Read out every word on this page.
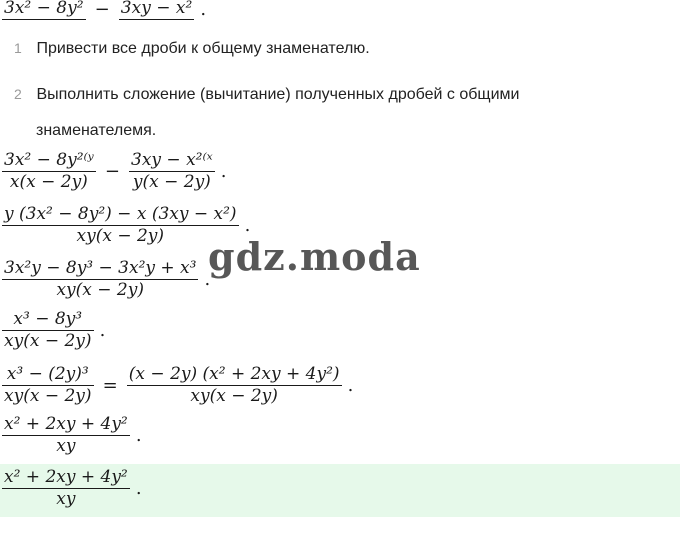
3x² − 8y² − 3xy − x² .
1 Привести все дроби к общему знаменателю.
2 Выполнить сложение (вычитание) полученных дробей с общими
знаменателемя.
$\frac{\text{3x² − 8y²⁽ʸ}}{x(x - 2y)} - \frac{\text{3xy − x²⁽ˣ}}{y(x - 2y)}$ .
$\frac{\text{y (3x² − 8y²) − x (3xy − x²)}}{xy(x - 2y)}$ .
$\frac{\text{3x²y − 8y³ − 3x²y + x³}}{xy(x - 2y)}$ .
$\frac{\text{x³ − 8y³}}{xy(x - 2y)}$ .
$\frac{\text{x³ − (2y)³}}{xy(x - 2y)} = \frac{\text{(x − 2y) (x² + 2xy + 4y²)}}{xy(x - 2y)}$ .
$\frac{\text{x² + 2xy + 4y²}}{xy}$ .
$\frac{\text{x² + 2xy + 4y²}}{xy}$ .
gdz.moda
